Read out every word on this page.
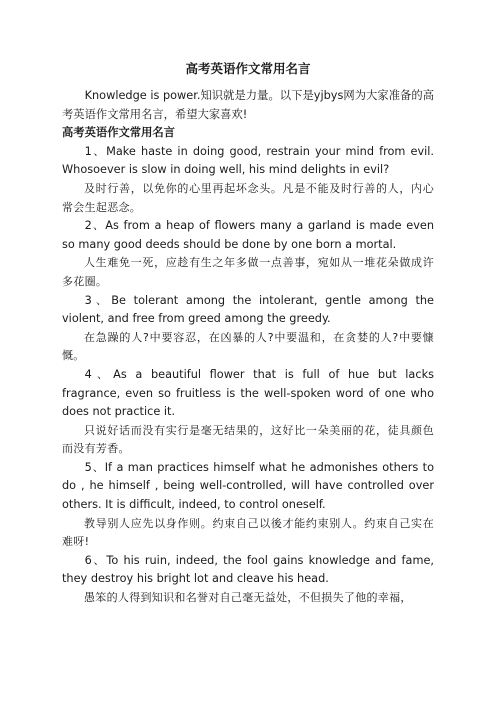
高考英语作文常用名言

Knowledge is power.知识就是力量。以下是yjbys网为大家准备的高考英语作文常用名言，希望大家喜欢!

高考英语作文常用名言

1、Make haste in doing good, restrain your mind from evil. Whosoever is slow in doing well, his mind delights in evil?

及时行善，以免你的心里再起坏念头。凡是不能及时行善的人，内心常会生起恶念。

2、As from a heap of flowers many a garland is made even so many good deeds should be done by one born a mortal.

人生难免一死，应趁有生之年多做一点善事，宛如从一堆花朵做成许多花圈。

3、Be tolerant among the intolerant, gentle among the violent, and free from greed among the greedy.

在急躁的人?中要容忍，在凶暴的人?中要温和，在贪婪的人?中要慷慨。

4、As a beautiful flower that is full of hue but lacks fragrance, even so fruitless is the well-spoken word of one who does not practice it.

只说好话而没有实行是毫无结果的，这好比一朵美丽的花，徒具颜色而没有芳香。

5、If a man practices himself what he admonishes others to do , he himself , being well-controlled, will have controlled over others. It is difficult, indeed, to control oneself.

教导别人应先以身作则。约束自己以後才能约束别人。约束自己实在难呀!

6、To his ruin, indeed, the fool gains knowledge and fame, they destroy his bright lot and cleave his head.

愚笨的人得到知识和名誉对自己毫无益处，不但损失了他的幸福，
